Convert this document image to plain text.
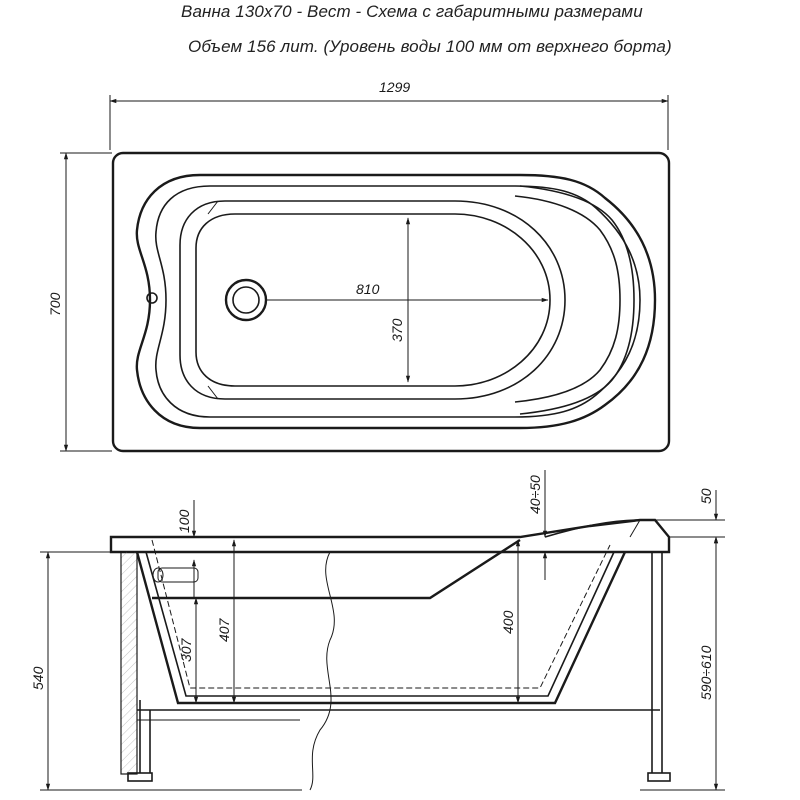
Ванна 130х70 - Вест - Схема с габаритными размерами
Объем 156 лит. (Уровень воды 100 мм от верхнего борта)
1299
700
810
370
100
307
407	400
40÷50	50
540	590÷610
